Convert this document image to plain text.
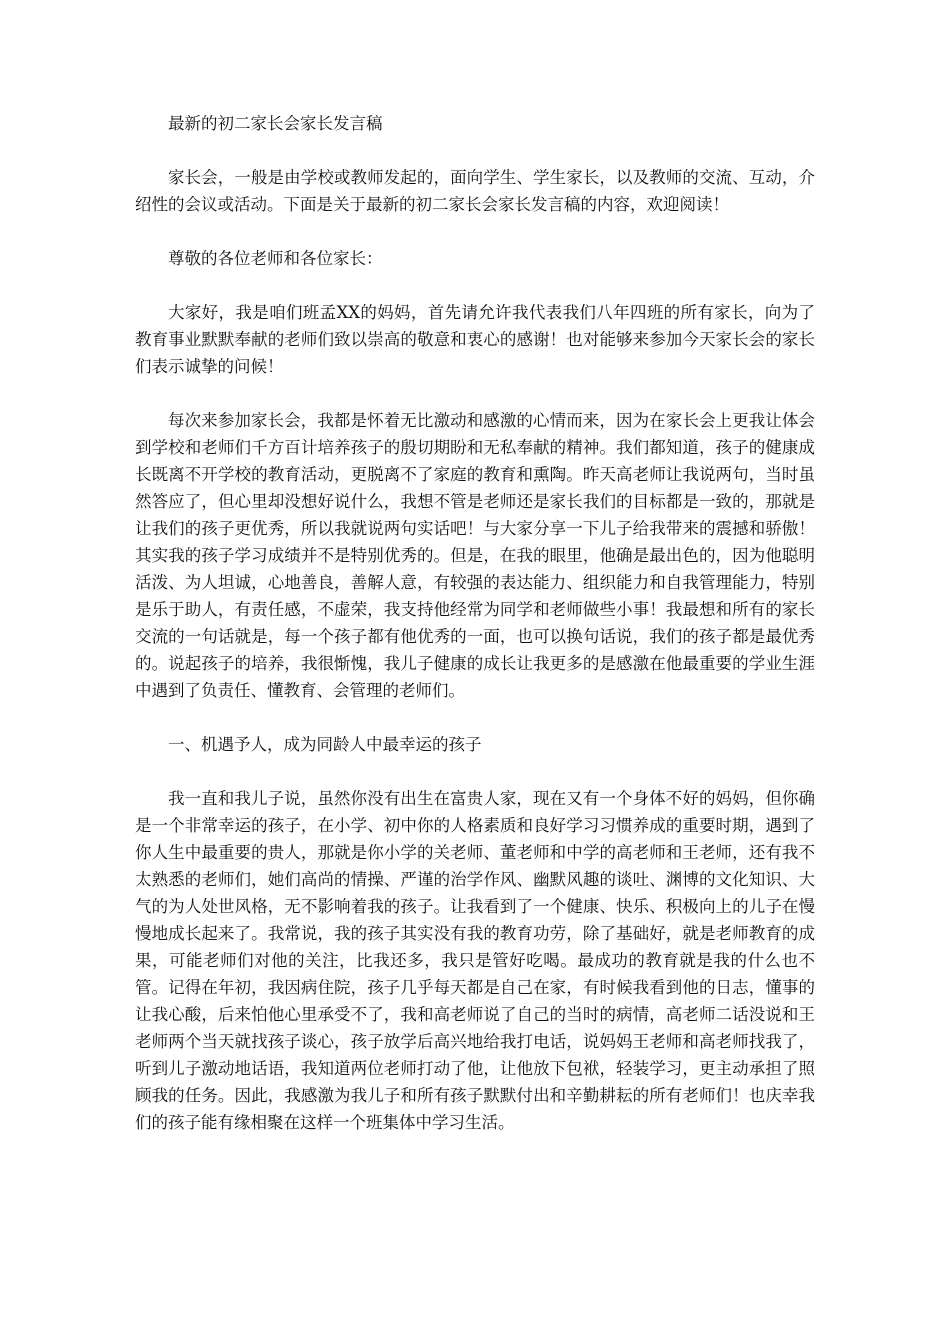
最新的初二家长会家长发言稿

家长会，一般是由学校或教师发起的，面向学生、学生家长，以及教师的交流、互动，介绍性的会议或活动。下面是关于最新的初二家长会家长发言稿的内容，欢迎阅读！

尊敬的各位老师和各位家长：

大家好，我是咱们班孟XX的妈妈，首先请允许我代表我们八年四班的所有家长，向为了教育事业默默奉献的老师们致以崇高的敬意和衷心的感谢！也对能够来参加今天家长会的家长们表示诚挚的问候！

每次来参加家长会，我都是怀着无比激动和感激的心情而来，因为在家长会上更我让体会到学校和老师们千方百计培养孩子的殷切期盼和无私奉献的精神。我们都知道，孩子的健康成长既离不开学校的教育活动，更脱离不了家庭的教育和熏陶。昨天高老师让我说两句，当时虽然答应了，但心里却没想好说什么，我想不管是老师还是家长我们的目标都是一致的，那就是让我们的孩子更优秀，所以我就说两句实话吧！与大家分享一下儿子给我带来的震撼和骄傲！其实我的孩子学习成绩并不是特别优秀的。但是，在我的眼里，他确是最出色的，因为他聪明活泼、为人坦诚，心地善良，善解人意，有较强的表达能力、组织能力和自我管理能力，特别是乐于助人，有责任感，不虚荣，我支持他经常为同学和老师做些小事！我最想和所有的家长交流的一句话就是，每一个孩子都有他优秀的一面，也可以换句话说，我们的孩子都是最优秀的。说起孩子的培养，我很惭愧，我儿子健康的成长让我更多的是感激在他最重要的学业生涯中遇到了负责任、懂教育、会管理的老师们。

一、机遇予人，成为同龄人中最幸运的孩子

我一直和我儿子说，虽然你没有出生在富贵人家，现在又有一个身体不好的妈妈，但你确是一个非常幸运的孩子，在小学、初中你的人格素质和良好学习习惯养成的重要时期，遇到了你人生中最重要的贵人，那就是你小学的关老师、董老师和中学的高老师和王老师，还有我不太熟悉的老师们，她们高尚的情操、严谨的治学作风、幽默风趣的谈吐、渊博的文化知识、大气的为人处世风格，无不影响着我的孩子。让我看到了一个健康、快乐、积极向上的儿子在慢慢地成长起来了。我常说，我的孩子其实没有我的教育功劳，除了基础好，就是老师教育的成果，可能老师们对他的关注，比我还多，我只是管好吃喝。最成功的教育就是我的什么也不管。记得在年初，我因病住院，孩子几乎每天都是自己在家，有时候我看到他的日志，懂事的让我心酸，后来怕他心里承受不了，我和高老师说了自己的当时的病情，高老师二话没说和王老师两个当天就找孩子谈心，孩子放学后高兴地给我打电话，说妈妈王老师和高老师找我了，听到儿子激动地话语，我知道两位老师打动了他，让他放下包袱，轻装学习，更主动承担了照顾我的任务。因此，我感激为我儿子和所有孩子默默付出和辛勤耕耘的所有老师们！也庆幸我们的孩子能有缘相聚在这样一个班集体中学习生活。
